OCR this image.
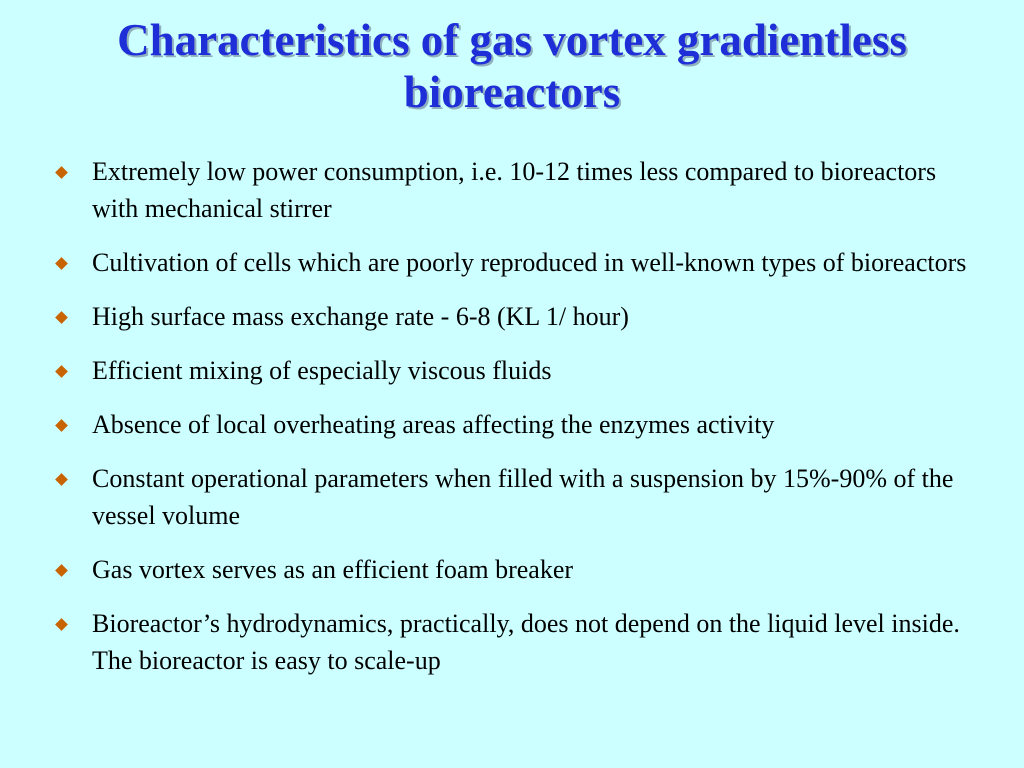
Characteristics of gas vortex gradientless
bioreactors
Extremely low power consumption, i.e. 10-12 times less compared to bioreactors with mechanical stirrer
Cultivation of cells which are poorly reproduced in well-known types of bioreactors
High surface mass exchange rate - 6-8 (KL 1/ hour)
Efficient mixing of especially viscous fluids
Absence of local overheating areas affecting the enzymes activity
Constant operational parameters when filled with a suspension by 15%-90% of the vessel volume
Gas vortex serves as an efficient foam breaker
Bioreactor’s hydrodynamics, practically, does not depend on the liquid level inside. The bioreactor is easy to scale-up
